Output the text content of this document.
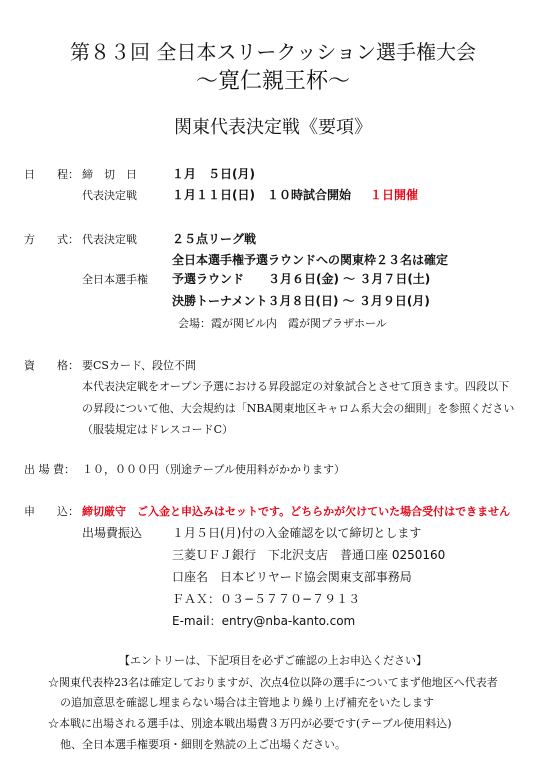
第８３回 全日本スリークッション選手権大会
〜寛仁親王杯〜
関東代表決定戦《要項》
日　　程： 締　切　日	１月　５日(月)
代表決定戦	１月１１日(日)　１０時試合開始 １日開催
方　　式： 代表決定戦	２５点リーグ戦
全日本選手権予選ラウンドへの関東枠２３名は確定
全日本選手権 予選ラウンド　　３月６日(金) 〜 ３月７日(土)
決勝トーナメント３月８日(日) 〜 ３月９日(月)
会場：霞が関ビル内　霞が関プラザホール
資　　格： 要CSカード、段位不問
本代表決定戦をオープン予選における昇段認定の対象試合とさせて頂きます。四段以下
の昇段について他、大会規約は「NBA関東地区キャロム系大会の細則」を参照ください
（服装規定はドレスコードC）
出 場 費： １０，０００円（別途テーブル使用料がかかります）
申　　込： 締切厳守　ご入金と申込みはセットです。どちらかが欠けていた場合受付はできません
出場費振込 １月５日(月)付の入金確認を以て締切とします
三菱ＵＦＪ銀行　下北沢支店　普通口座 0250160
口座名　日本ビリヤード協会関東支部事務局
ＦＡＸ：０３−５７７０−７９１３
E-mail：entry@nba-kanto.com
【エントリーは、下記項目を必ずご確認の上お申込ください】
☆関東代表枠23名は確定しておりますが、次点4位以降の選手についてまず他地区へ代表者
の追加意思を確認し埋まらない場合は主管地より繰り上げ補充をいたします
☆本戦に出場される選手は、別途本戦出場費３万円が必要です(テーブル使用料込)
他、全日本選手権要項・細則を熟読の上ご出場ください。
